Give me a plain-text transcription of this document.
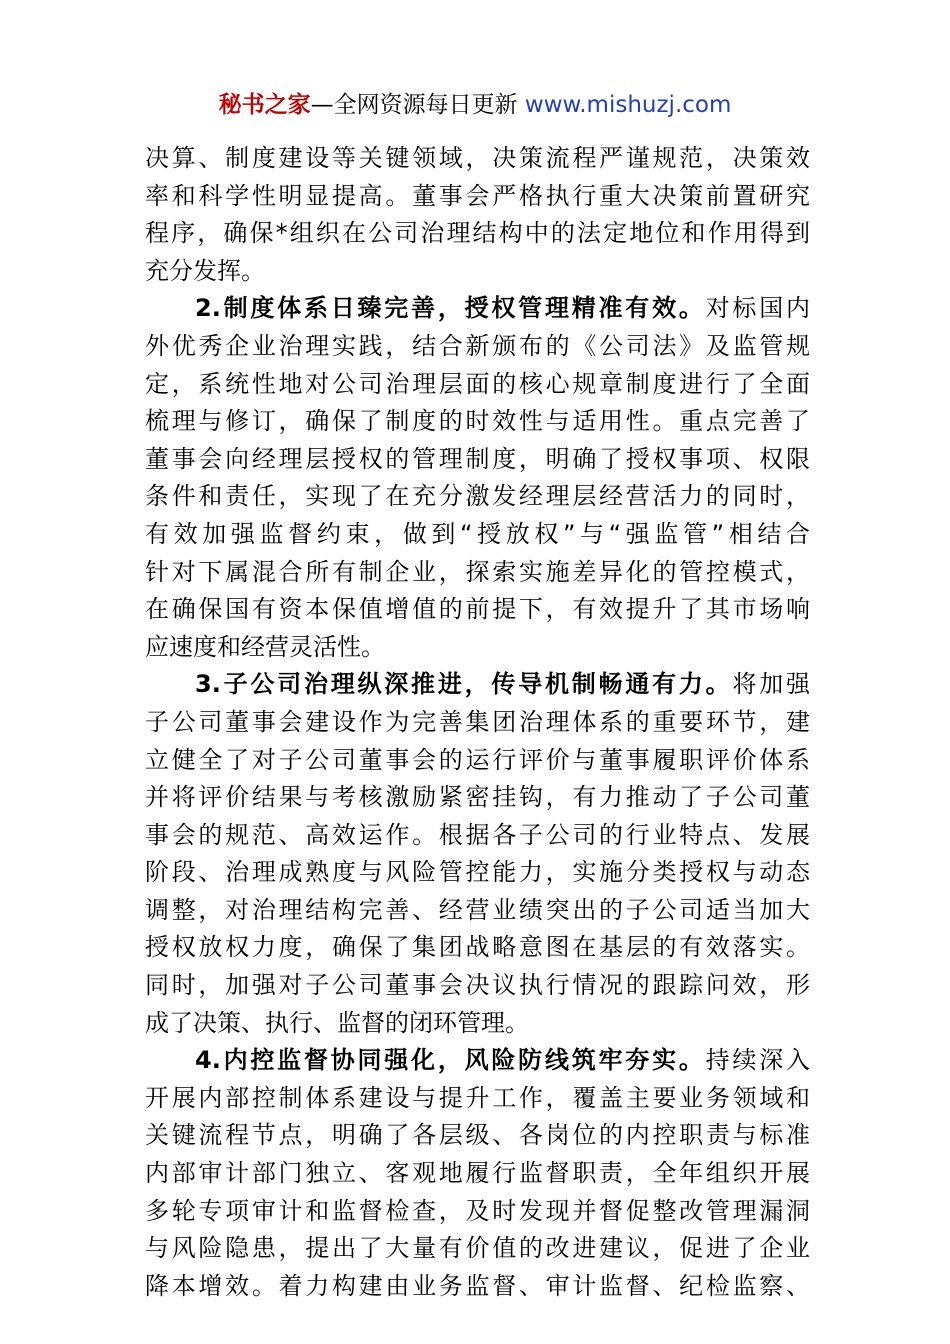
秘书之家—全网资源每日更新 www.mishuzj.com
决算、制度建设等关键领域，决策流程严谨规范，决策效
率和科学性明显提高。董事会严格执行重大决策前置研究
程序，确保*组织在公司治理结构中的法定地位和作用得到
充分发挥。
2.制度体系日臻完善，授权管理精准有效。对标国内
外优秀企业治理实践，结合新颁布的《公司法》及监管规
定，系统性地对公司治理层面的核心规章制度进行了全面
梳理与修订，确保了制度的时效性与适用性。重点完善了
董事会向经理层授权的管理制度，明确了授权事项、权限
条件和责任，实现了在充分激发经理层经营活力的同时，
有效加强监督约束，做到“授放权”与“强监管”相结合
针对下属混合所有制企业，探索实施差异化的管控模式，
在确保国有资本保值增值的前提下，有效提升了其市场响
应速度和经营灵活性。
3.子公司治理纵深推进，传导机制畅通有力。将加强
子公司董事会建设作为完善集团治理体系的重要环节，建
立健全了对子公司董事会的运行评价与董事履职评价体系
并将评价结果与考核激励紧密挂钩，有力推动了子公司董
事会的规范、高效运作。根据各子公司的行业特点、发展
阶段、治理成熟度与风险管控能力，实施分类授权与动态
调整，对治理结构完善、经营业绩突出的子公司适当加大
授权放权力度，确保了集团战略意图在基层的有效落实。
同时，加强对子公司董事会决议执行情况的跟踪问效，形
成了决策、执行、监督的闭环管理。
4.内控监督协同强化，风险防线筑牢夯实。持续深入
开展内部控制体系建设与提升工作，覆盖主要业务领域和
关键流程节点，明确了各层级、各岗位的内控职责与标准
内部审计部门独立、客观地履行监督职责，全年组织开展
多轮专项审计和监督检查，及时发现并督促整改管理漏洞
与风险隐患，提出了大量有价值的改进建议，促进了企业
降本增效。着力构建由业务监督、审计监督、纪检监察、
